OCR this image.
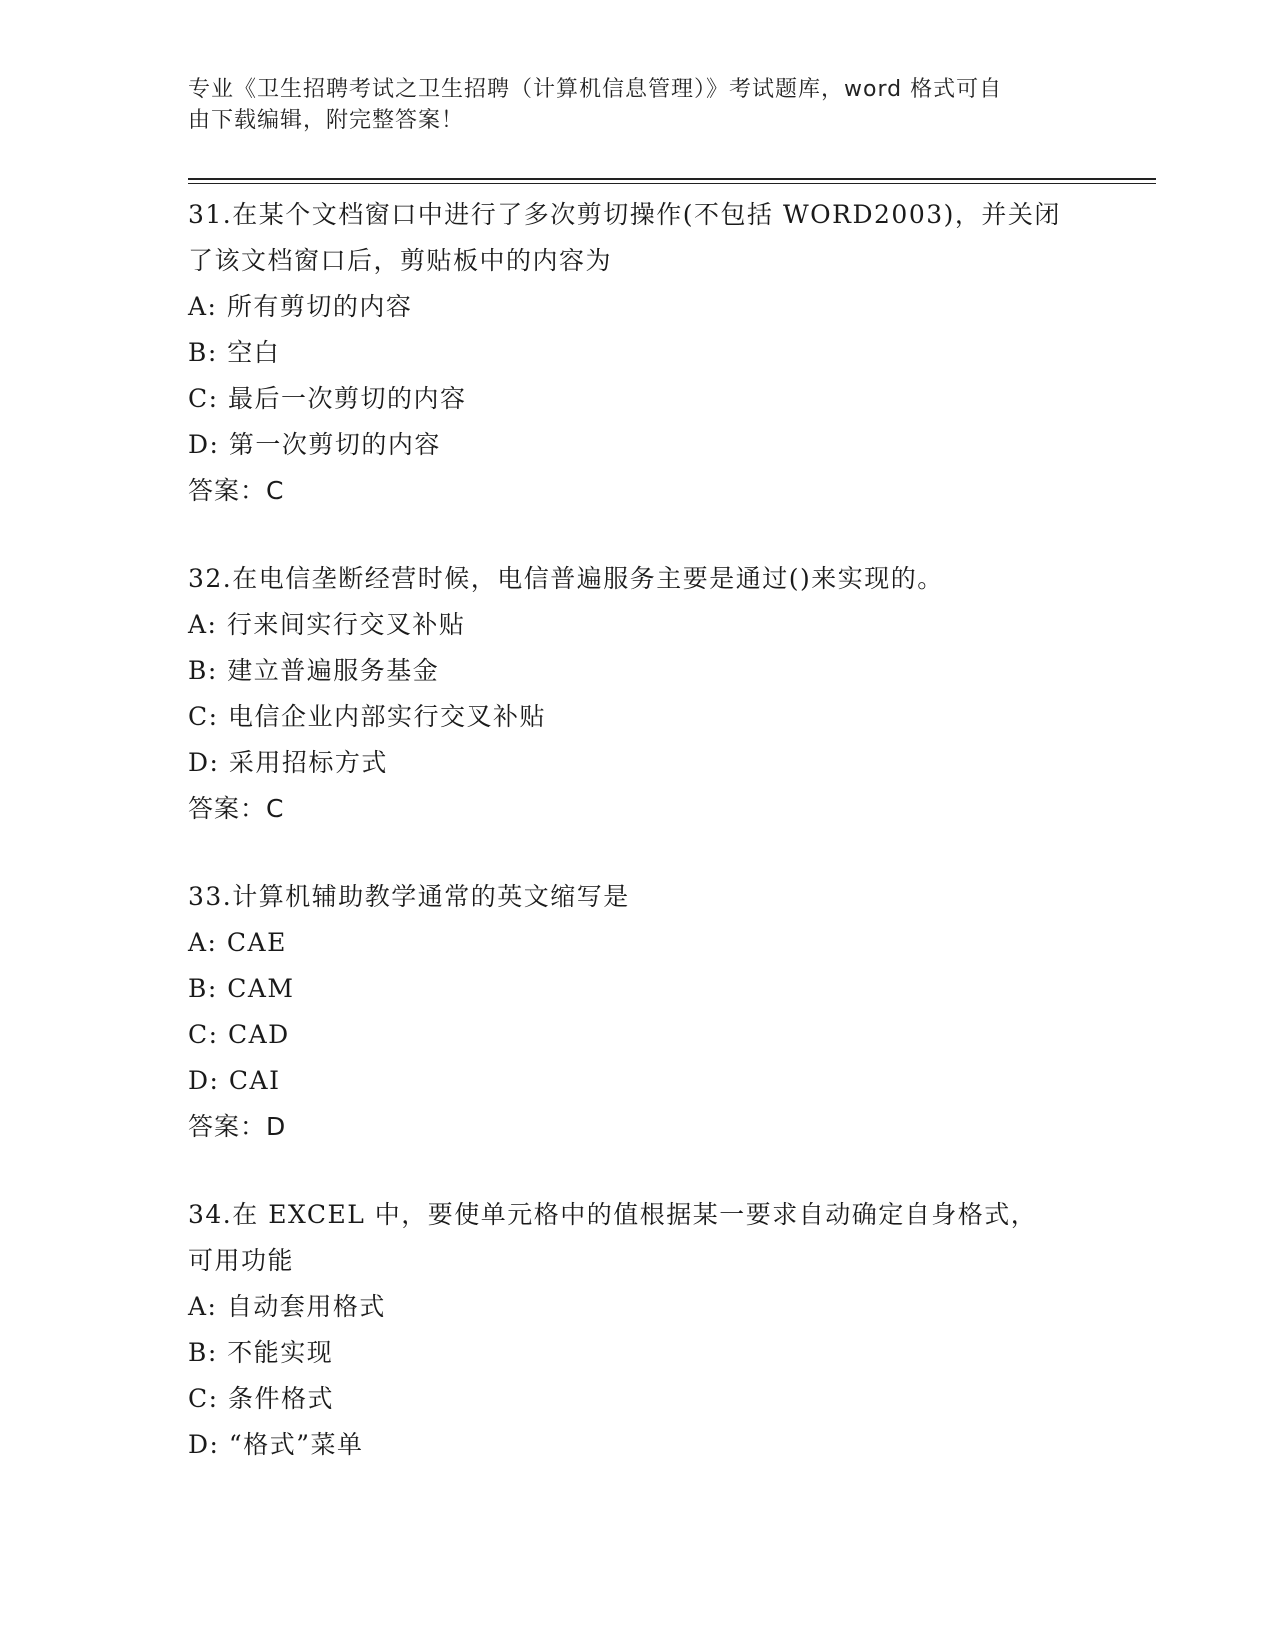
专业《卫生招聘考试之卫生招聘（计算机信息管理）》考试题库，word 格式可自
由下载编辑，附完整答案！

31.在某个文档窗口中进行了多次剪切操作(不包括 WORD2003)，并关闭
了该文档窗口后，剪贴板中的内容为

A: 所有剪切的内容

B: 空白

C: 最后一次剪切的内容

D: 第一次剪切的内容

答案：C

32.在电信垄断经营时候，电信普遍服务主要是通过()来实现的。

A: 行来间实行交叉补贴

B: 建立普遍服务基金

C: 电信企业内部实行交叉补贴

D: 采用招标方式

答案：C

33.计算机辅助教学通常的英文缩写是

A: CAE

B: CAM

C: CAD

D: CAI

答案：D

34.在 EXCEL 中，要使单元格中的值根据某一要求自动确定自身格式，
可用功能

A: 自动套用格式

B: 不能实现

C: 条件格式

D: “格式”菜单
